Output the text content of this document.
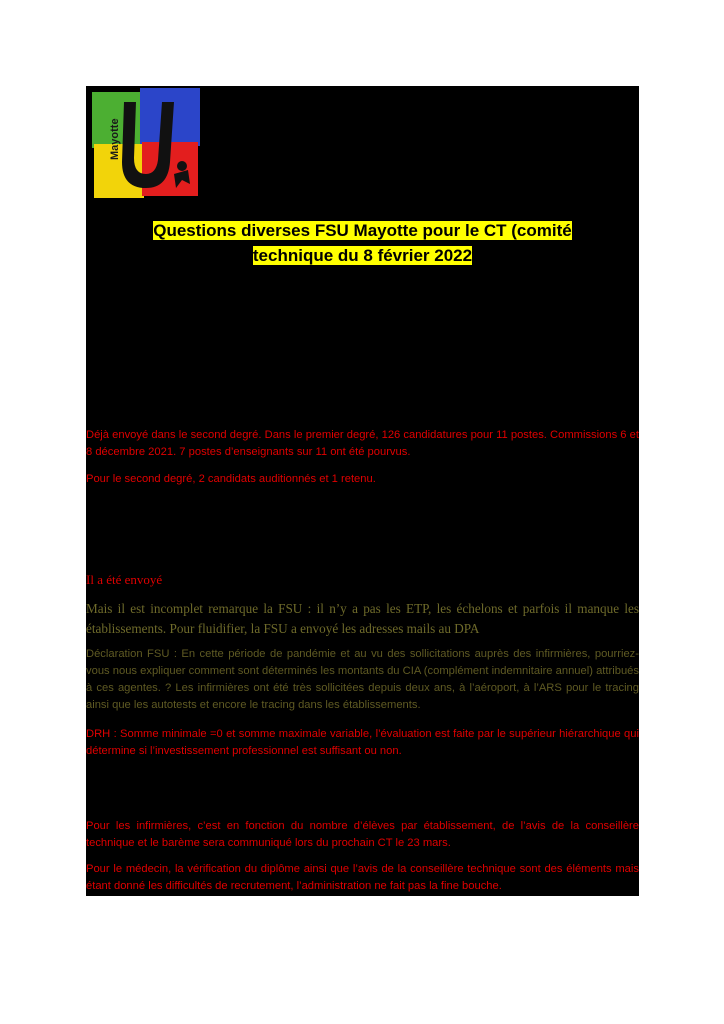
Mayotte
Questions diverses FSU Mayotte pour le CT (comité
technique du 8 février 2022

Déjà envoyé dans le second degré. Dans le premier degré, 126 candidatures pour 11 postes. Commissions 6 et 8 décembre 2021. 7 postes d’enseignants sur 11 ont été pourvus.

Pour le second degré, 2 candidats auditionnés et 1 retenu.

Il a été envoyé

Mais il est incomplet remarque la FSU : il n’y a pas les ETP, les échelons et parfois il manque les établissements. Pour fluidifier, la FSU a envoyé les adresses mails au DPA

Déclaration FSU : En cette période de pandémie et au vu des sollicitations auprès des infirmières, pourriez-vous nous expliquer comment sont déterminés les montants du CIA (complément indemnitaire annuel) attribués à ces agentes. ? Les infirmières ont été très sollicitées depuis deux ans, à l’aéroport, à l’ARS pour le tracing ainsi que les autotests et encore le tracing dans les établissements.

DRH : Somme minimale =0 et somme maximale variable, l’évaluation est faite par le supérieur hiérarchique qui détermine si l’investissement professionnel est suffisant ou non.

Pour les infirmières, c’est en fonction du nombre d’élèves par établissement, de l’avis de la conseillère technique et le barème sera communiqué lors du prochain CT le 23 mars.

Pour le médecin, la vérification du diplôme ainsi que l’avis de la conseillère technique sont des éléments mais étant donné les difficultés de recrutement, l’administration ne fait pas la fine bouche.
